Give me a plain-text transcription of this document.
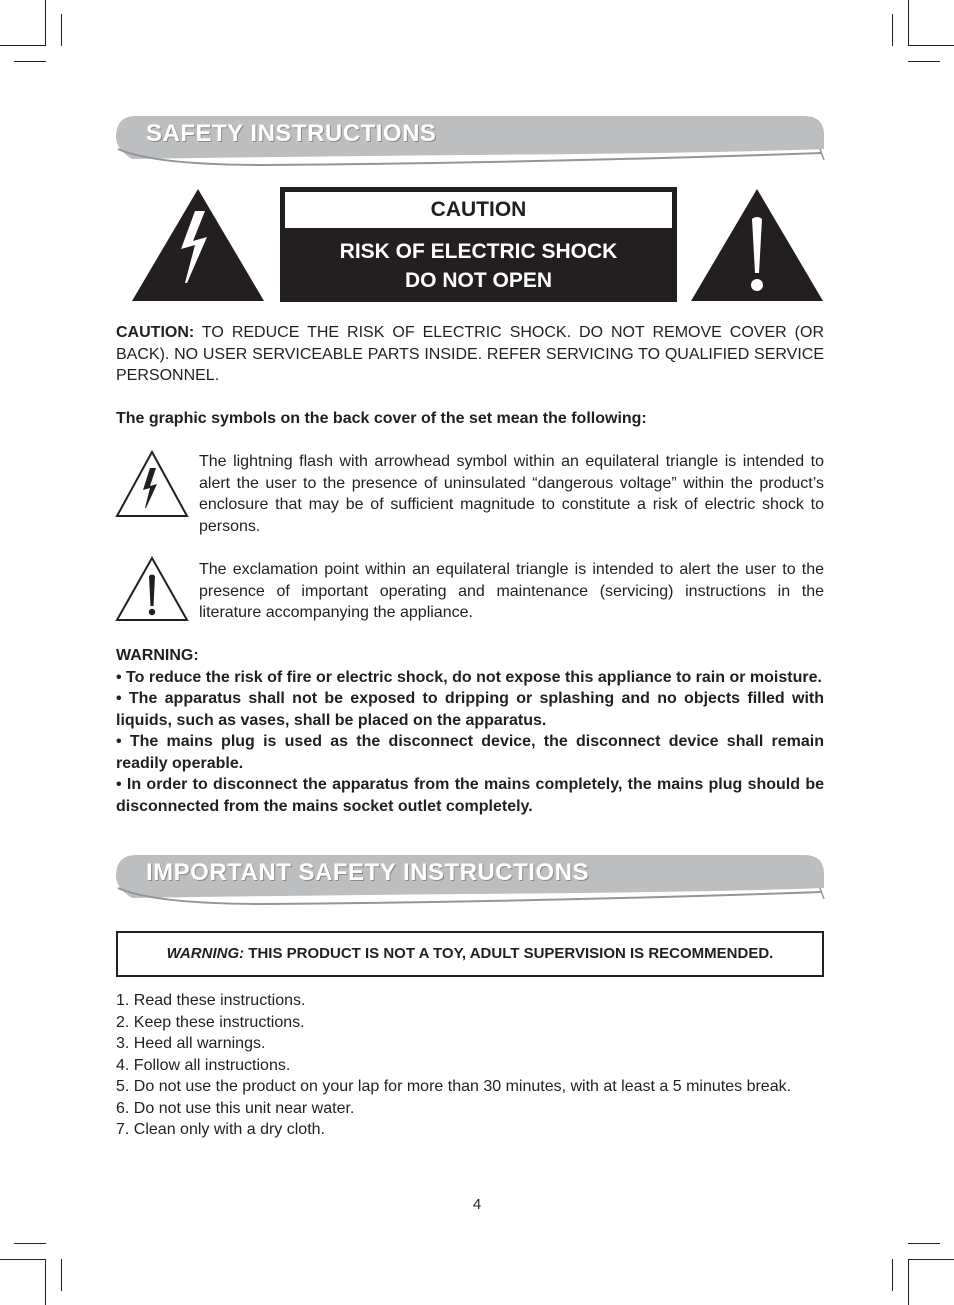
SAFETY INSTRUCTIONS
CAUTION
RISK OF ELECTRIC SHOCK
DO NOT OPEN
CAUTION: TO REDUCE THE RISK OF ELECTRIC SHOCK. DO NOT REMOVE COVER (OR BACK). NO USER SERVICEABLE PARTS INSIDE. REFER SERVICING TO QUALIFIED SERVICE PERSONNEL.
The graphic symbols on the back cover of the set mean the following:
The lightning flash with arrowhead symbol within an equilateral triangle is intended to alert the user to the presence of uninsulated “dangerous voltage” within the product’s enclosure that may be of sufficient magnitude to constitute a risk of electric shock to persons.
The exclamation point within an equilateral triangle is intended to alert the user to the presence of important operating and maintenance (servicing) instructions in the literature accompanying the appliance.
WARNING:
• To reduce the risk of fire or electric shock, do not expose this appliance to rain or moisture.
• The apparatus shall not be exposed to dripping or splashing and no objects filled with liquids, such as vases, shall be placed on the apparatus.
• The mains plug is used as the disconnect device, the disconnect device shall remain readily operable.
• In order to disconnect the apparatus from the mains completely, the mains plug should be disconnected from the mains socket outlet completely.
IMPORTANT SAFETY INSTRUCTIONS
WARNING: THIS PRODUCT IS NOT A TOY, ADULT SUPERVISION IS RECOMMENDED.
1. Read these instructions.
2. Keep these instructions.
3. Heed all warnings.
4. Follow all instructions.
5. Do not use the product on your lap for more than 30 minutes, with at least a 5 minutes break.
6. Do not use this unit near water.
7. Clean only with a dry cloth.
4
